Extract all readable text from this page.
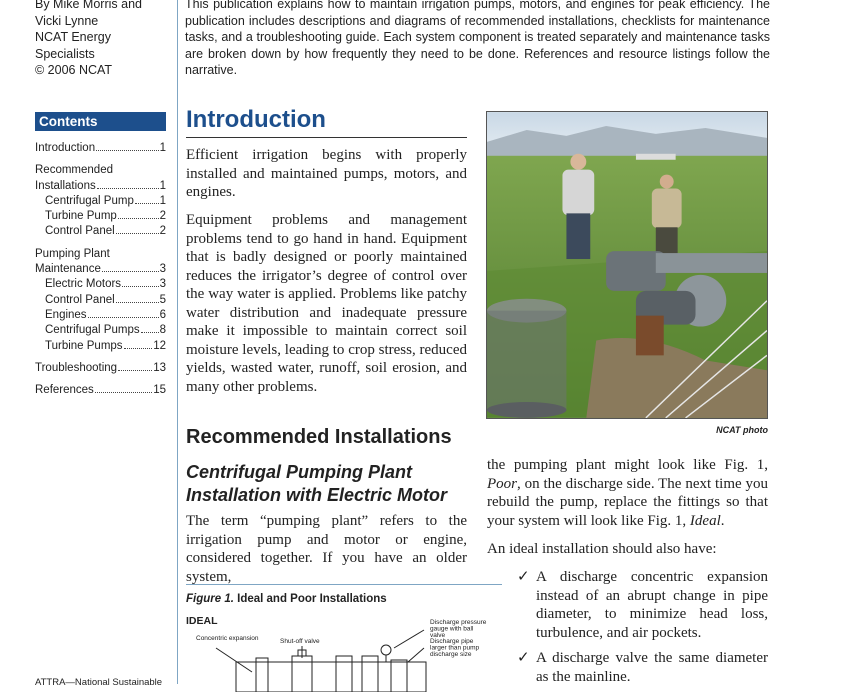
By Mike Morris and
Vicki Lynne
NCAT Energy
Specialists
© 2006 NCAT

This publication explains how to maintain irrigation pumps, motors, and engines for peak efficiency. The publication includes descriptions and diagrams of recommended installations, checklists for maintenance tasks, and a troubleshooting guide. Each system component is treated separately and maintenance tasks are broken down by how frequently they need to be done. References and resource listings follow the narrative.

Contents
Introduction	1
Recommended
Installations	1
Centrifugal Pump 1
Turbine Pump	2
Control Panel	2
Pumping Plant
Maintenance	3
Electric Motors	3
Control Panel	5
Engines	6
Centrifugal Pumps 8
Turbine Pumps	12
Troubleshooting	13
References	15
ATTRA—National Sustainable
Introduction

Efficient irrigation begins with properly installed and maintained pumps, motors, and engines.

Equipment problems and management problems tend to go hand in hand. Equipment that is badly designed or poorly maintained reduces the irrigator’s degree of control over the way water is applied. Problems like patchy water distribution and inadequate pressure make it impossible to maintain correct soil moisture levels, leading to crop stress, reduced yields, wasted water, runoff, soil erosion, and many other problems.

Recommended Installations
Centrifugal Pumping Plant Installation with Electric Motor

The term “pumping plant” refers to the irrigation pump and motor or engine, considered together. If you have an older system,

Figure 1. Ideal and Poor Installations
IDEAL
Concentric expansion	Shut-off valve
Discharge pressure gauge with ball valve
Discharge pipe larger than pump discharge size
NCAT photo

the pumping plant might look like Fig. 1, Poor, on the discharge side. The next time you rebuild the pump, replace the fittings so that your system will look like Fig. 1, Ideal.

An ideal installation should also have:

✓ A discharge concentric expansion instead of an abrupt change in pipe diameter, to minimize head loss, turbulence, and air pockets.
✓ A discharge valve the same diameter as the mainline.
